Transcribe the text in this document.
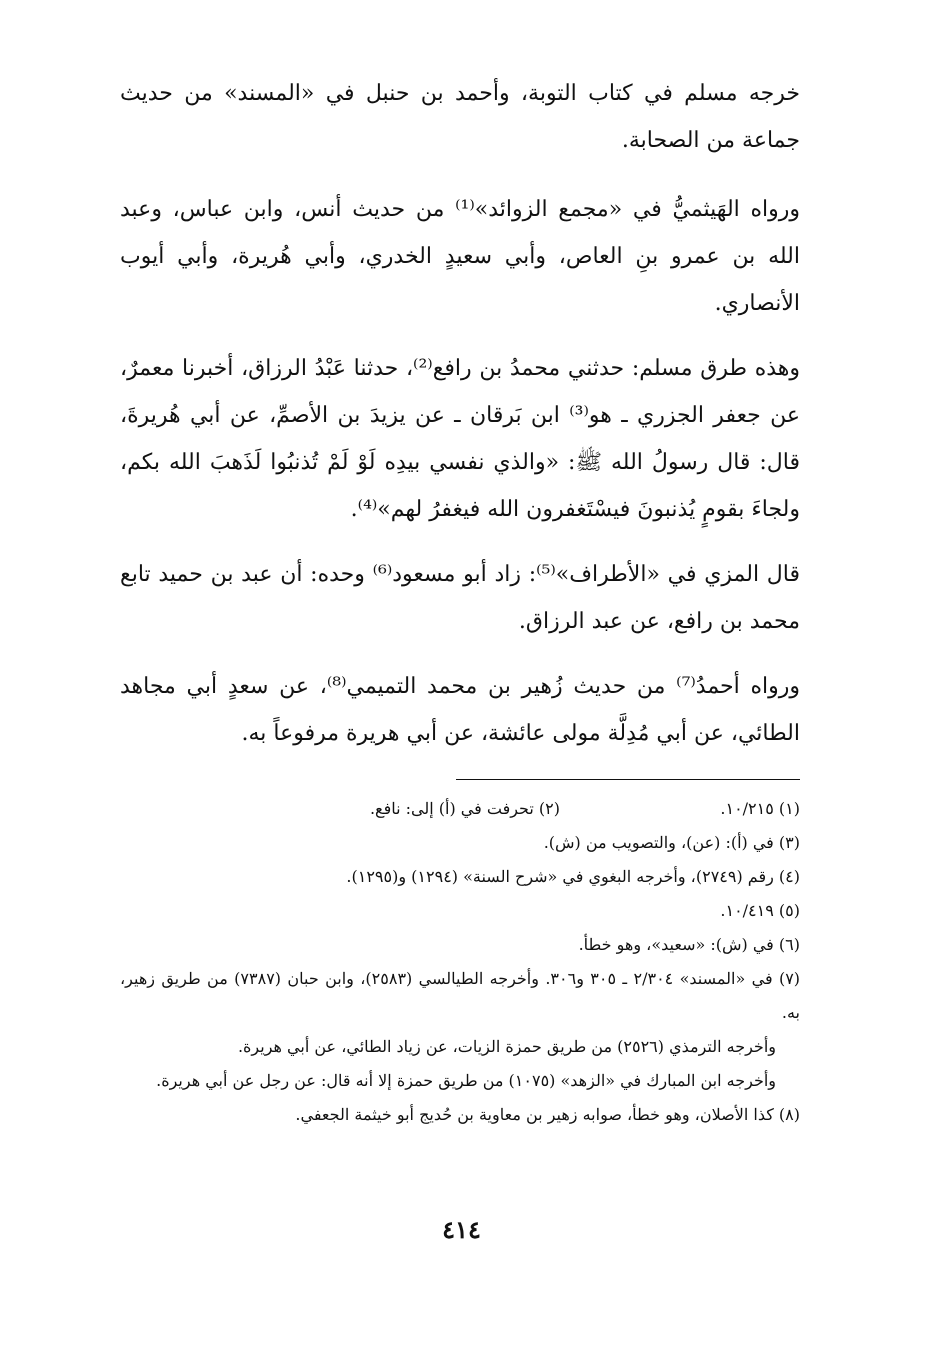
خرجه مسلم في كتاب التوبة، وأحمد بن حنبل في «المسند» من حديث جماعة من الصحابة.

ورواه الهَيثميُّ في «مجمع الزوائد»⁽¹⁾ من حديث أنس، وابن عباس، وعبد الله بن عمرو بنِ العاص، وأبي سعيدٍ الخدري، وأبي هُريرة، وأبي أيوب الأنصاري.

وهذه طرق مسلم: حدثني محمدُ بن رافع⁽²⁾، حدثنا عَبْدُ الرزاق، أخبرنا معمرٌ، عن جعفر الجزري ـ هو⁽³⁾ ابن بَرقان ـ عن يزيدَ بن الأصمِّ، عن أبي هُريرةَ، قال: قال رسولُ الله ﷺ: «والذي نفسي بيدِه لَوْ لَمْ تُذنبُوا لَذَهبَ الله بكم، ولجاءَ بقومٍ يُذنبونَ فيسْتَغفرون الله فيغفرُ لهم»⁽⁴⁾.

قال المزي في «الأطراف»⁽⁵⁾: زاد أبو مسعود⁽⁶⁾ وحده: أن عبد بن حميد تابع محمد بن رافع، عن عبد الرزاق.

ورواه أحمدُ⁽⁷⁾ من حديث زُهير بن محمد التميمي⁽⁸⁾، عن سعدٍ أبي مجاهد الطائي، عن أبي مُدِلَّة مولى عائشة، عن أبي هريرة مرفوعاً به.

(١) ١٠/٢١٥.
(٢) تحرفت في (أ) إلى: نافع.
(٣) في (أ): (عن)، والتصويب من (ش).
(٤) رقم (٢٧٤٩)، وأخرجه البغوي في «شرح السنة» (١٢٩٤) و(١٢٩٥).
(٥) ١٠/٤١٩.
(٦) في (ش): «سعيد»، وهو خطأ.
(٧) في «المسند» ٢/٣٠٤ ـ ٣٠٥ و٣٠٦. وأخرجه الطيالسي (٢٥٨٣)، وابن حبان (٧٣٨٧) من طريق زهير، به.
وأخرجه الترمذي (٢٥٢٦) من طريق حمزة الزيات، عن زياد الطائي، عن أبي هريرة.
وأخرجه ابن المبارك في «الزهد» (١٠٧٥) من طريق حمزة إلا أنه قال: عن رجل عن أبي هريرة.
(٨) كذا الأصلان، وهو خطأ، صوابه زهير بن معاوية بن حُديج أبو خيثمة الجعفي.
٤١٤
